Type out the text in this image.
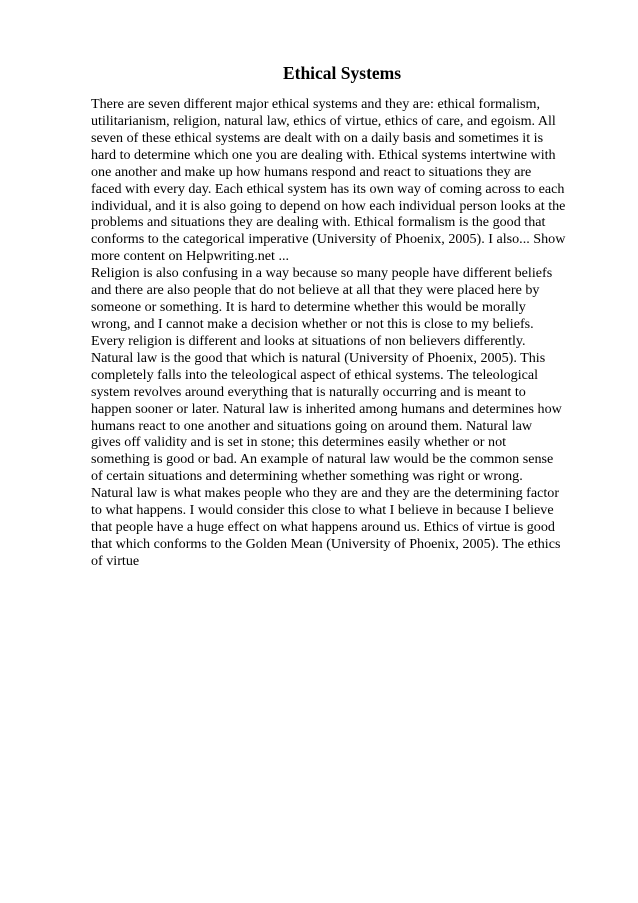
Ethical Systems
There are seven different major ethical systems and they are: ethical formalism,
utilitarianism, religion, natural law, ethics of virtue, ethics of care, and egoism. All
seven of these ethical systems are dealt with on a daily basis and sometimes it is
hard to determine which one you are dealing with. Ethical systems intertwine with
one another and make up how humans respond and react to situations they are
faced with every day. Each ethical system has its own way of coming across to each
individual, and it is also going to depend on how each individual person looks at the
problems and situations they are dealing with. Ethical formalism is the good that
conforms to the categorical imperative (University of Phoenix, 2005). I also... Show
more content on Helpwriting.net ...
Religion is also confusing in a way because so many people have different beliefs
and there are also people that do not believe at all that they were placed here by
someone or something. It is hard to determine whether this would be morally
wrong, and I cannot make a decision whether or not this is close to my beliefs.
Every religion is different and looks at situations of non believers differently.
Natural law is the good that which is natural (University of Phoenix, 2005). This
completely falls into the teleological aspect of ethical systems. The teleological
system revolves around everything that is naturally occurring and is meant to
happen sooner or later. Natural law is inherited among humans and determines how
humans react to one another and situations going on around them. Natural law
gives off validity and is set in stone; this determines easily whether or not
something is good or bad. An example of natural law would be the common sense
of certain situations and determining whether something was right or wrong.
Natural law is what makes people who they are and they are the determining factor
to what happens. I would consider this close to what I believe in because I believe
that people have a huge effect on what happens around us. Ethics of virtue is good
that which conforms to the Golden Mean (University of Phoenix, 2005). The ethics
of virtue
